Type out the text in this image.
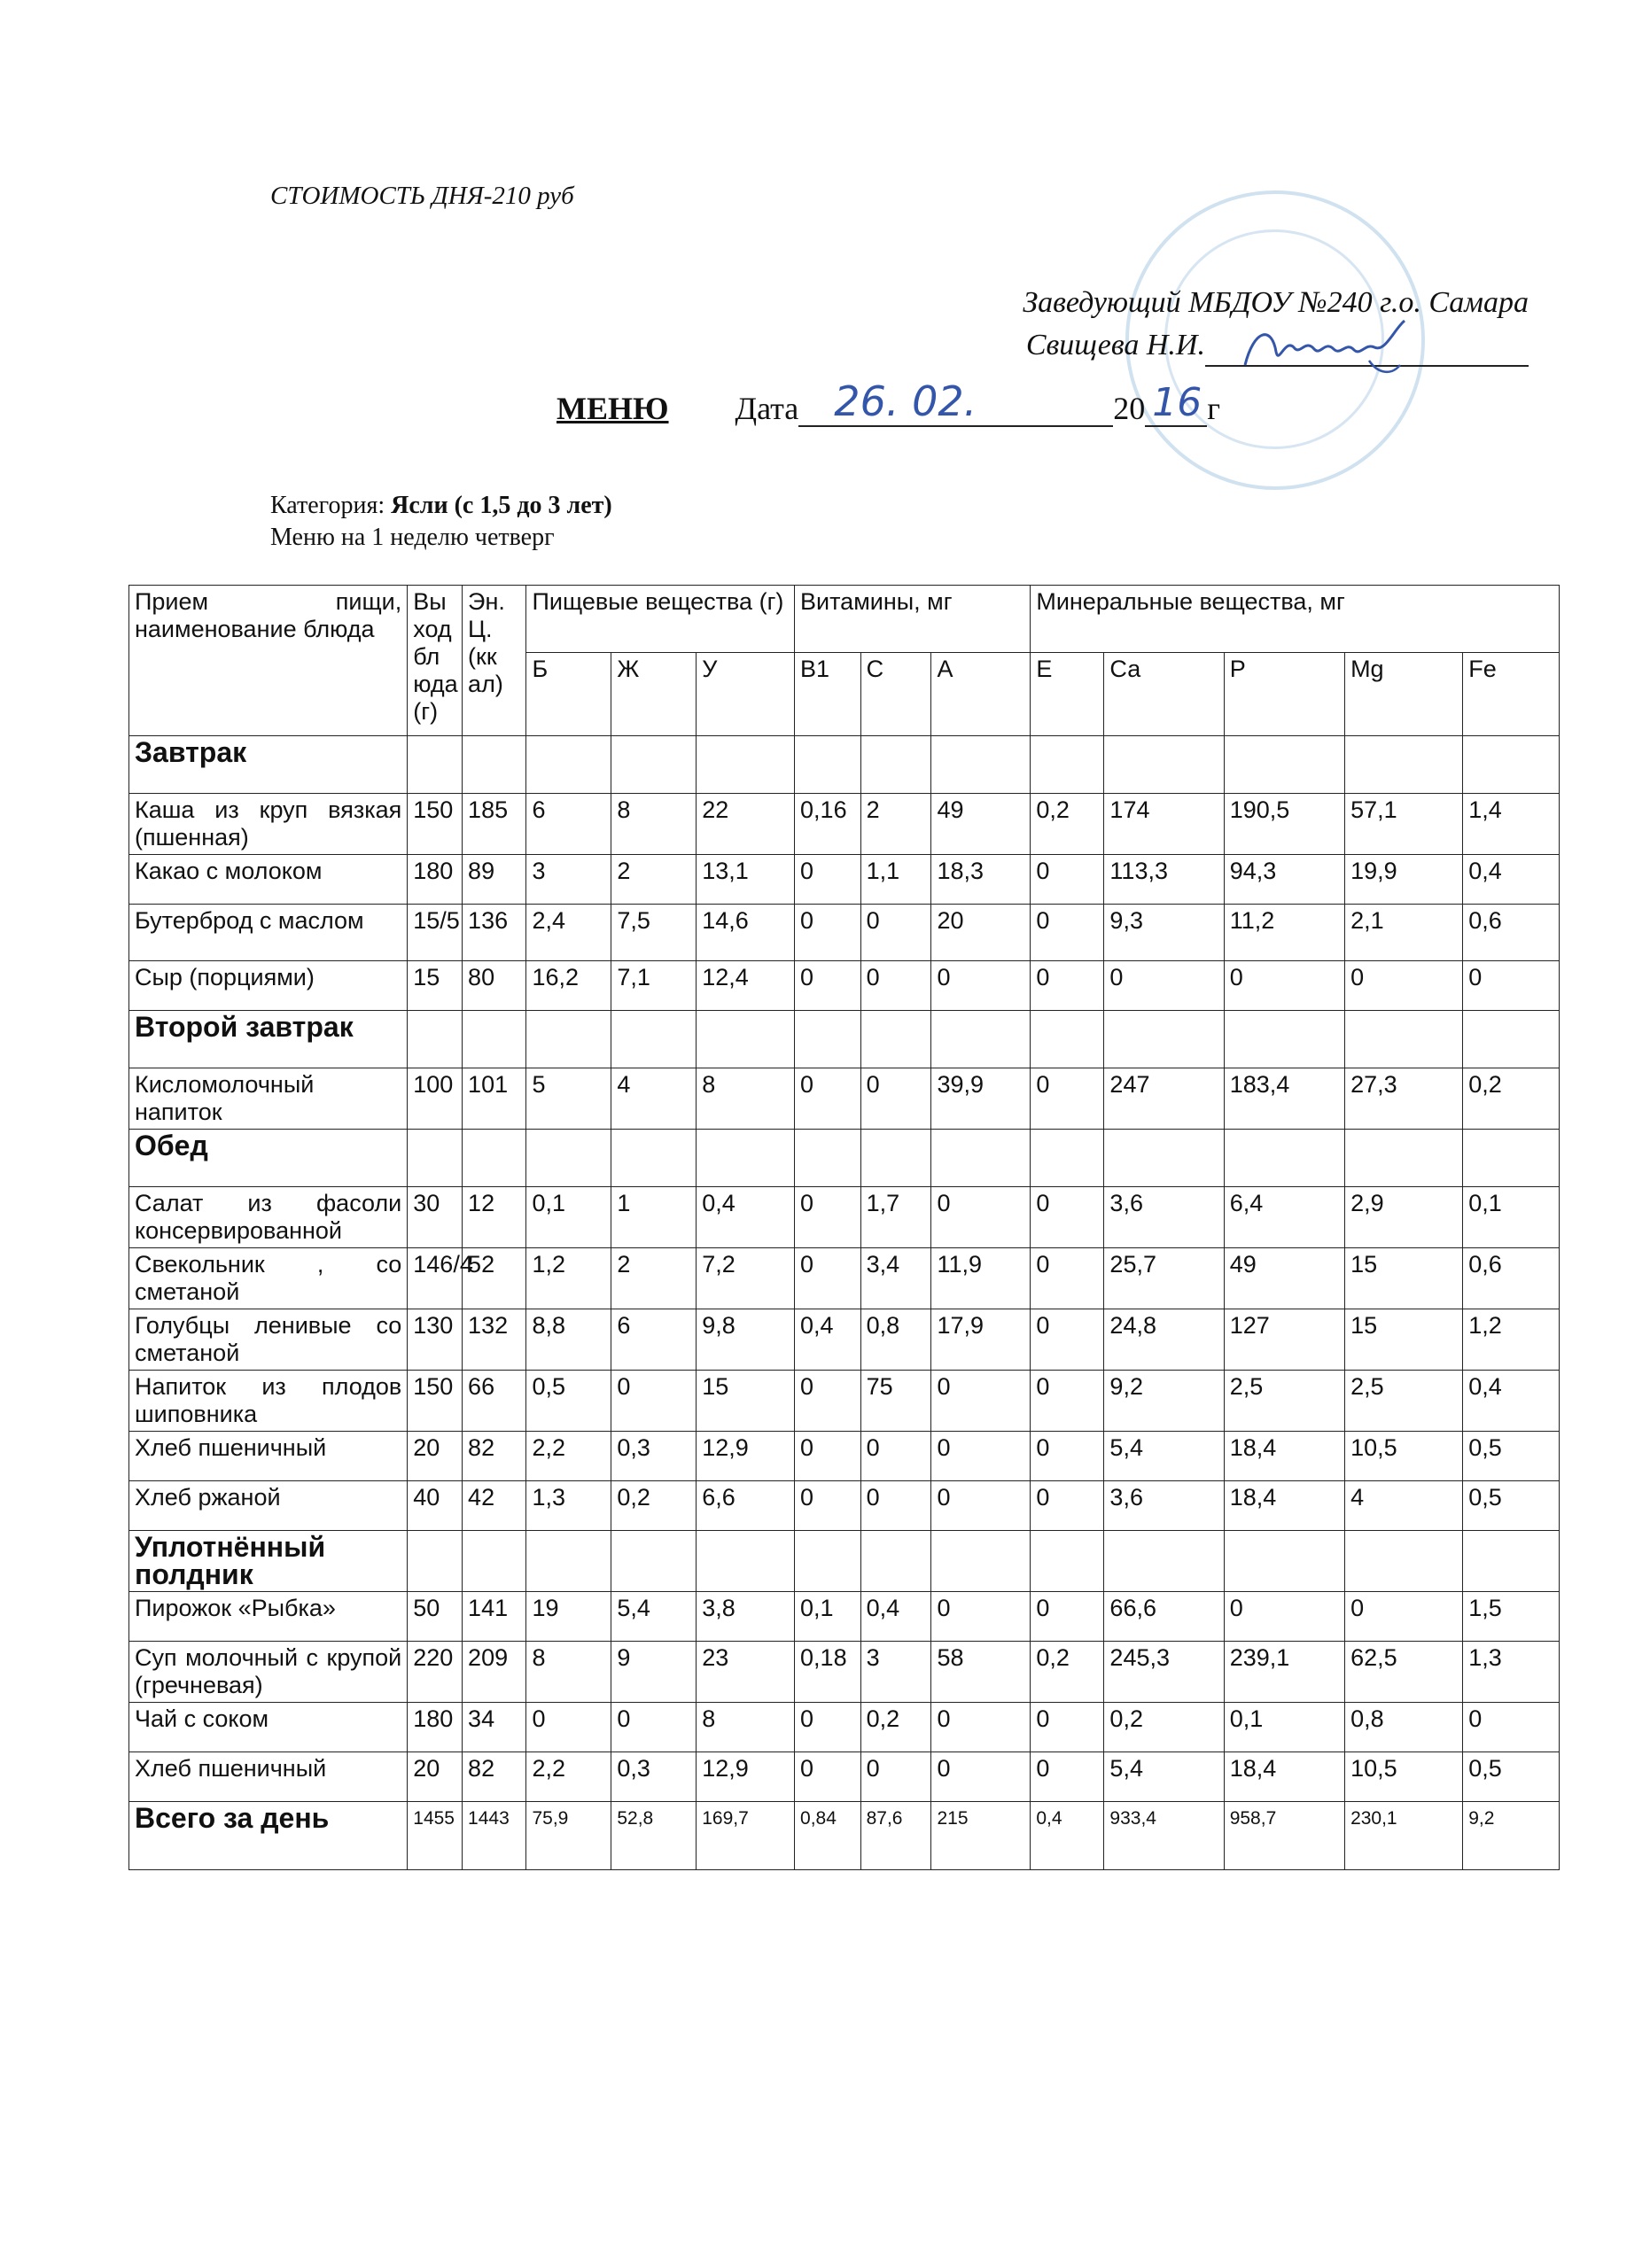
СТОИМОСТЬ ДНЯ-210 руб
Заведующий МБДОУ №240 г.о. Самара
Свищева Н.И.
МЕНЮ Дата 26. 02.	20 16 г
Категория: Ясли (с 1,5 до 3 лет)
Меню на 1 неделю четверг
Прием пищи, наименование блюда	Вы ход бл юда (г)	Эн. Ц.(кк ал)	Пищевые вещества (г)			Витамины, мг			Минеральные вещества, мг				
			Б	Ж	У	В1	С	А	Е	Са	Р	Mg	Fe
Завтрак													
Каша из круп вязкая (пшенная)	150	185	6	8	22	0,16	2	49	0,2	174	190,5	57,1	1,4
Какао с молоком	180	89	3	2	13,1	0	1,1	18,3	0	113,3	94,3	19,9	0,4
Бутерброд с маслом	15/5	136	2,4	7,5	14,6	0	0	20	0	9,3	11,2	2,1	0,6
Сыр (порциями)	15	80	16,2	7,1	12,4	0	0	0	0	0	0	0	0
Второй завтрак													
Кисломолочный напиток	100	101	5	4	8	0	0	39,9	0	247	183,4	27,3	0,2
Обед													
Салат из фасоли консервированной	30	12	0,1	1	0,4	0	1,7	0	0	3,6	6,4	2,9	0,1
Свекольник , со сметаной	146/4	52	1,2	2	7,2	0	3,4	11,9	0	25,7	49	15	0,6
Голубцы ленивые со сметаной	130	132	8,8	6	9,8	0,4	0,8	17,9	0	24,8	127	15	1,2
Напиток из плодов шиповника	150	66	0,5	0	15	0	75	0	0	9,2	2,5	2,5	0,4
Хлеб пшеничный	20	82	2,2	0,3	12,9	0	0	0	0	5,4	18,4	10,5	0,5
Хлеб ржаной	40	42	1,3	0,2	6,6	0	0	0	0	3,6	18,4	4	0,5
Уплотнённый полдник													
Пирожок «Рыбка»	50	141	19	5,4	3,8	0,1	0,4	0	0	66,6	0	0	1,5
Суп молочный с крупой (гречневая)	220	209	8	9	23	0,18	3	58	0,2	245,3	239,1	62,5	1,3
Чай с соком	180	34	0	0	8	0	0,2	0	0	0,2	0,1	0,8	0
Хлеб пшеничный	20	82	2,2	0,3	12,9	0	0	0	0	5,4	18,4	10,5	0,5
Всего за день	1455	1443	75,9	52,8	169,7	0,84	87,6	215	0,4	933,4	958,7	230,1	9,2
